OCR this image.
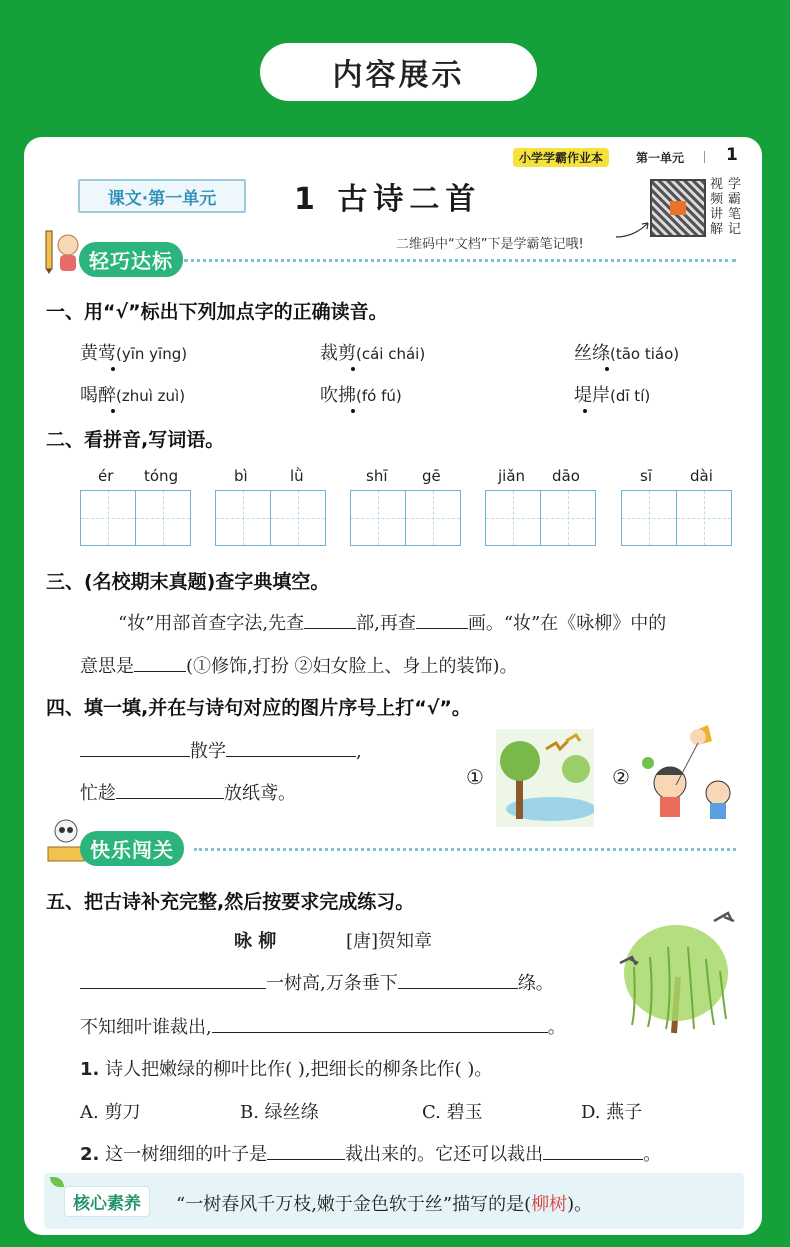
内容展示
小学学霸作业本	第一单元 1
课文·第一单元	1 古诗二首	视频讲解
学霸笔记
二维码中“文档”下是学霸笔记哦!
轻巧达标
一、用“√”标出下列加点字的正确读音。
黄莺(yīn yīng)	裁剪(cái chái)	丝绦(tāo tiáo)
喝醉(zhuì zuì)	吹拂(fó fú)	堤岸(dī tí)
二、看拼音,写词语。
ér tóng	bì	lǜ	shī gē	jiǎn dāo	sī	dài
三、(名校期末真题)查字典填空。
“妆”用部首查字法,先查	部,再查	画。“妆”在《咏柳》中的
意思是	(①修饰,打扮 ②妇女脸上、身上的装饰)。
四、填一填,并在与诗句对应的图片序号上打“√”。
散学	,
忙趁	放纸鸢。
①	②
快乐闯关
五、把古诗补充完整,然后按要求完成练习。
咏 柳	[唐]贺知章
一树高,万条垂下	绦。
不知细叶谁裁出,	。
1. 诗人把嫩绿的柳叶比作( ),把细长的柳条比作( )。
A. 剪刀	B. 绿丝绦	C. 碧玉	D. 燕子
2. 这一树细细的叶子是	裁出来的。它还可以裁出	。
核心素养	“一树春风千万枝,嫩于金色软于丝”描写的是(柳树)。
